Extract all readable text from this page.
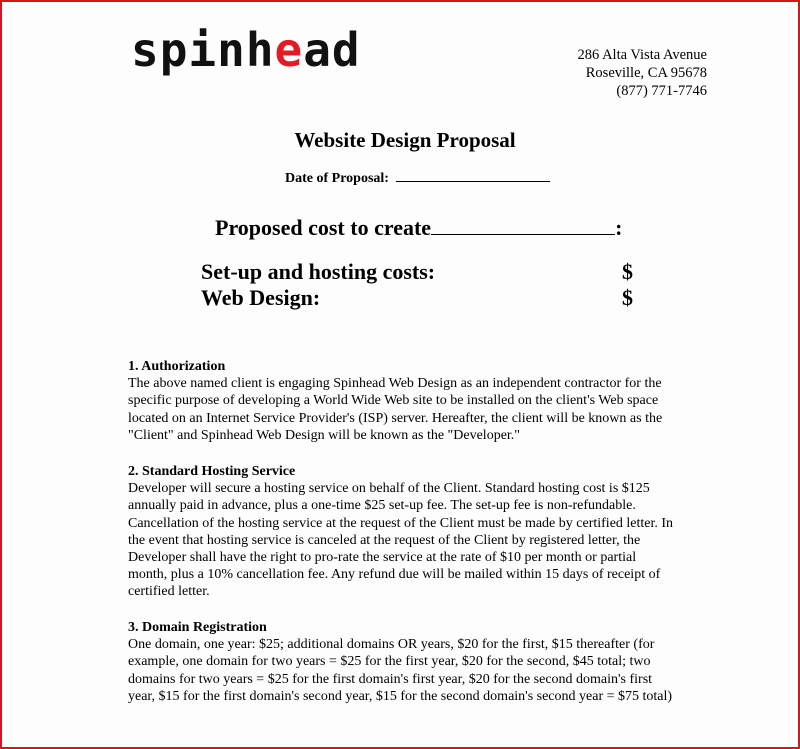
spinhead	286 Alta Vista Avenue
Roseville, CA 95678
(877) 771-7746
Website Design Proposal
Date of Proposal:
Proposed cost to create	:
Set-up and hosting costs:	$
Web Design:	$
1. Authorization

The above named client is engaging Spinhead Web Design as an independent contractor for the

specific purpose of developing a World Wide Web site to be installed on the client's Web space

located on an Internet Service Provider's (ISP) server. Hereafter, the client will be known as the

"Client" and Spinhead Web Design will be known as the "Developer."

2. Standard Hosting Service

Developer will secure a hosting service on behalf of the Client. Standard hosting cost is $125

annually paid in advance, plus a one-time $25 set-up fee. The set-up fee is non-refundable.

Cancellation of the hosting service at the request of the Client must be made by certified letter. In

the event that hosting service is canceled at the request of the Client by registered letter, the

Developer shall have the right to pro-rate the service at the rate of $10 per month or partial

month, plus a 10% cancellation fee. Any refund due will be mailed within 15 days of receipt of

certified letter.

3. Domain Registration

One domain, one year: $25; additional domains OR years, $20 for the first, $15 thereafter (for

example, one domain for two years = $25 for the first year, $20 for the second, $45 total; two

domains for two years = $25 for the first domain's first year, $20 for the second domain's first

year, $15 for the first domain's second year, $15 for the second domain's second year = $75 total)
